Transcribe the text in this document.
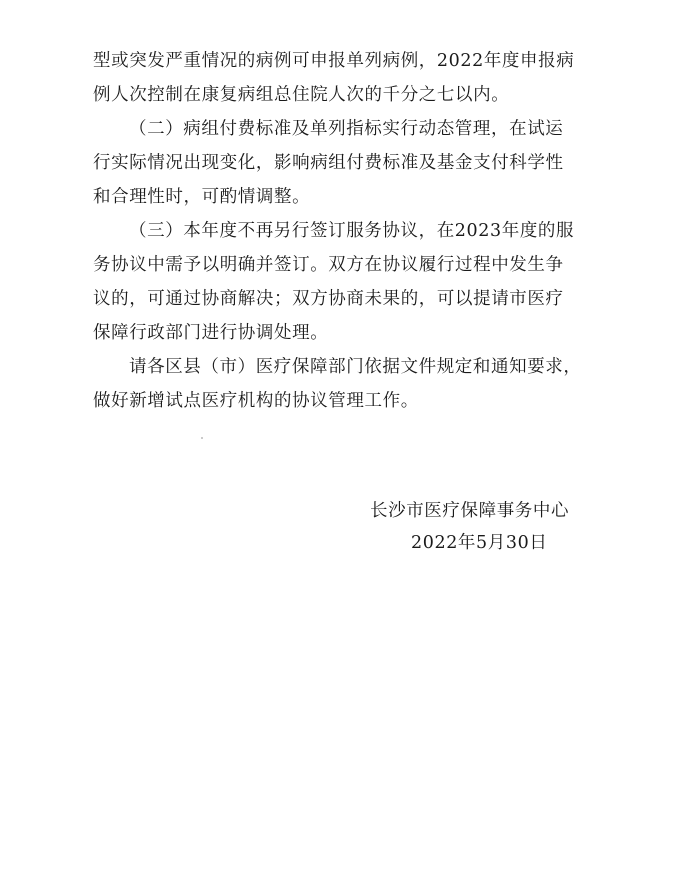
型或突发严重情况的病例可申报单列病例，2022年度申报病
例人次控制在康复病组总住院人次的千分之七以内。
（二）病组付费标准及单列指标实行动态管理，在试运
行实际情况出现变化，影响病组付费标准及基金支付科学性
和合理性时，可酌情调整。
（三）本年度不再另行签订服务协议，在2023年度的服
务协议中需予以明确并签订。双方在协议履行过程中发生争
议的，可通过协商解决；双方协商未果的，可以提请市医疗
保障行政部门进行协调处理。
请各区县（市）医疗保障部门依据文件规定和通知要求，
做好新增试点医疗机构的协议管理工作。
长沙市医疗保障事务中心
2022年5月30日
